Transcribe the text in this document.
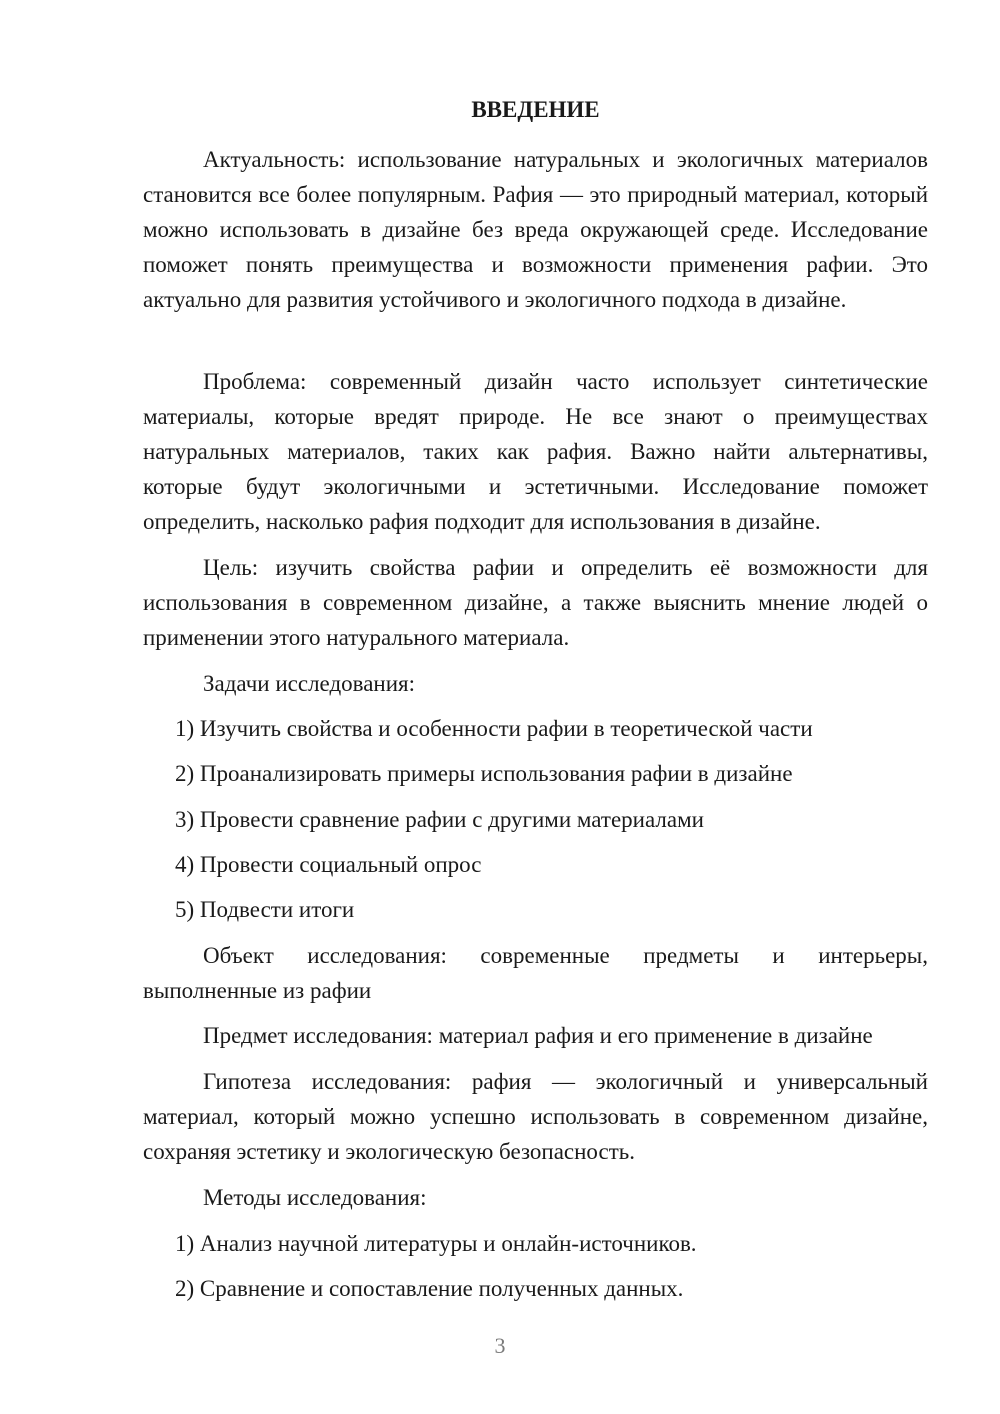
ВВЕДЕНИЕ
Актуальность: использование натуральных и экологичных материалов становится все более популярным. Рафия — это природный материал, который можно использовать в дизайне без вреда окружающей среде. Исследование поможет понять преимущества и возможности применения рафии. Это актуально для развития устойчивого и экологичного подхода в дизайне.
Проблема: современный дизайн часто использует синтетические материалы, которые вредят природе. Не все знают о преимуществах натуральных материалов, таких как рафия. Важно найти альтернативы, которые будут экологичными и эстетичными. Исследование поможет определить, насколько рафия подходит для использования в дизайне.
Цель: изучить свойства рафии и определить её возможности для использования в современном дизайне, а также выяснить мнение людей о применении этого натурального материала.
Задачи исследования:
1) Изучить свойства и особенности рафии в теоретической части
2) Проанализировать примеры использования рафии в дизайне
3) Провести сравнение рафии с другими материалами
4) Провести социальный опрос
5) Подвести итоги
Объект исследования: современные предметы и интерьеры, выполненные из рафии
Предмет исследования: материал рафия и его применение в дизайне
Гипотеза исследования: рафия — экологичный и универсальный материал, который можно успешно использовать в современном дизайне, сохраняя эстетику и экологическую безопасность.
Методы исследования:
1) Анализ научной литературы и онлайн-источников.
2) Сравнение и сопоставление полученных данных.
3
